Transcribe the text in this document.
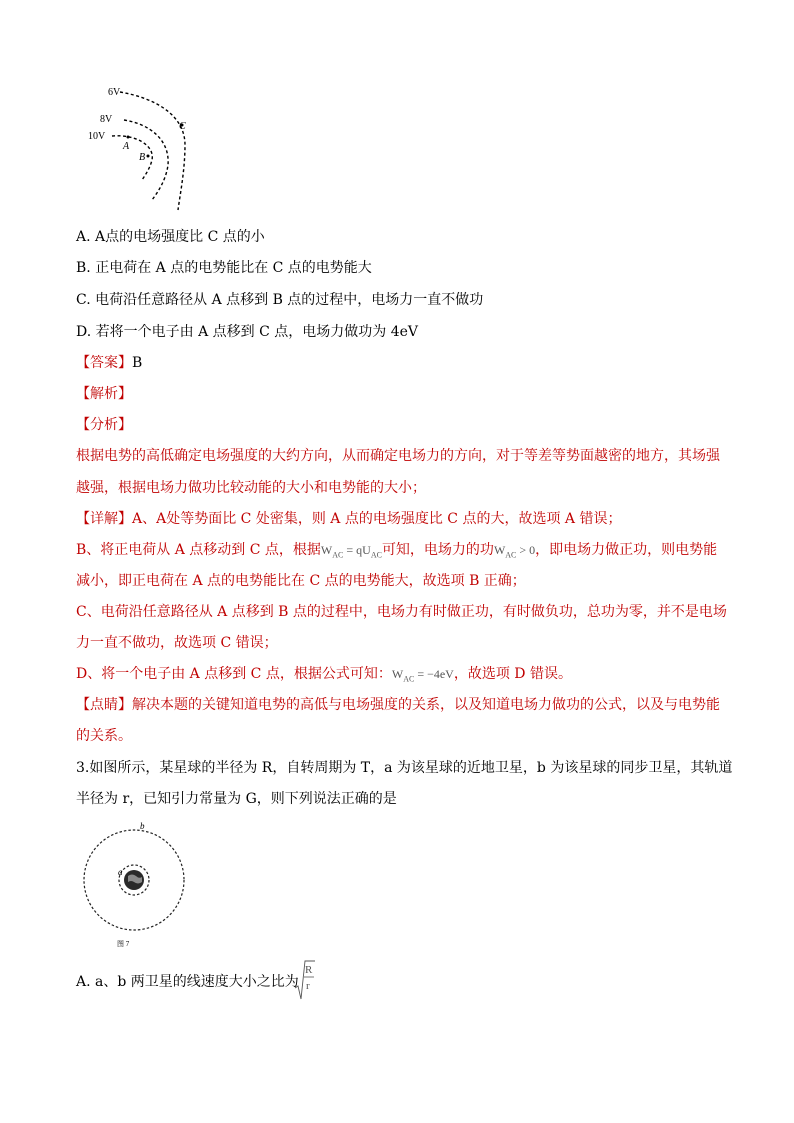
6V
8V
10V
A
B
C
A. A点的电场强度比 C 点的小
B. 正电荷在 A 点的电势能比在 C 点的电势能大
C. 电荷沿任意路径从 A 点移到 B 点的过程中，电场力一直不做功
D. 若将一个电子由 A 点移到 C 点，电场力做功为 4eV
【答案】B
【解析】
【分析】
根据电势的高低确定电场强度的大约方向，从而确定电场力的方向，对于等差等势面越密的地方，其场强
越强，根据电场力做功比较动能的大小和电势能的大小；
【详解】A、A处等势面比 C 处密集，则 A 点的电场强度比 C 点的大，故选项 A 错误；
B、将正电荷从 A 点移动到 C 点，根据$W_{AC} = qU_{AC}$可知，电场力的功$W_{AC} > 0$，即电场力做正功，则电势能
减小，即正电荷在 A 点的电势能比在 C 点的电势能大，故选项 B 正确；
C、电荷沿任意路径从 A 点移到 B 点的过程中，电场力有时做正功，有时做负功，总功为零，并不是电场
力一直不做功，故选项 C 错误；
D、将一个电子由 A 点移到 C 点，根据公式可知：$W_{AC} = -4eV$，故选项 D 错误。
【点睛】解决本题的关键知道电势的高低与电场强度的关系，以及知道电场力做功的公式，以及与电势能
的关系。
3.如图所示，某星球的半径为 R，自转周期为 T，a 为该星球的近地卫星，b 为该星球的同步卫星，其轨道
半径为 r，已知引力常量为 G，则下列说法正确的是
a
b
图 7
A. a、b 两卫星的线速度大小之比为
R
r
